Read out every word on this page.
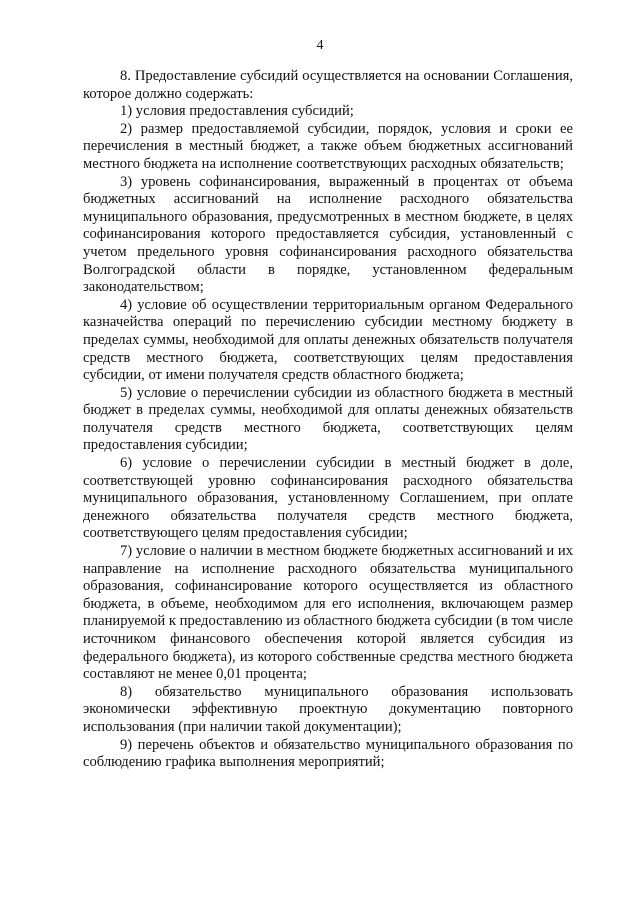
4

8. Предоставление субсидий осуществляется на основании Соглашения, которое должно содержать:

1) условия предоставления субсидий;

2) размер предоставляемой субсидии, порядок, условия и сроки ее перечисления в местный бюджет, а также объем бюджетных ассигнований местного бюджета на исполнение соответствующих расходных обязательств;

3) уровень софинансирования, выраженный в процентах от объема бюджетных ассигнований на исполнение расходного обязательства муниципального образования, предусмотренных в местном бюджете, в целях софинансирования которого предоставляется субсидия, установленный с учетом предельного уровня софинансирования расходного обязательства Волгоградской области в порядке, установленном федеральным законодательством;

4) условие об осуществлении территориальным органом Федерального казначейства операций по перечислению субсидии местному бюджету в пределах суммы, необходимой для оплаты денежных обязательств получателя средств местного бюджета, соответствующих целям предоставления субсидии, от имени получателя средств областного бюджета;

5) условие о перечислении субсидии из областного бюджета в местный бюджет в пределах суммы, необходимой для оплаты денежных обязательств получателя средств местного бюджета, соответствующих целям предоставления субсидии;

6) условие о перечислении субсидии в местный бюджет в доле, соответствующей уровню софинансирования расходного обязательства муниципального образования, установленному Соглашением, при оплате денежного обязательства получателя средств местного бюджета, соответствующего целям предоставления субсидии;

7) условие о наличии в местном бюджете бюджетных ассигнований и их направление на исполнение расходного обязательства муниципального образования, софинансирование которого осуществляется из областного бюджета, в объеме, необходимом для его исполнения, включающем размер планируемой к предоставлению из областного бюджета субсидии (в том числе источником финансового обеспечения которой является субсидия из федерального бюджета), из которого собственные средства местного бюджета составляют не менее 0,01 процента;

8) обязательство муниципального образования использовать экономически эффективную проектную документацию повторного использования (при наличии такой документации);

9) перечень объектов и обязательство муниципального образования по соблюдению графика выполнения мероприятий;
